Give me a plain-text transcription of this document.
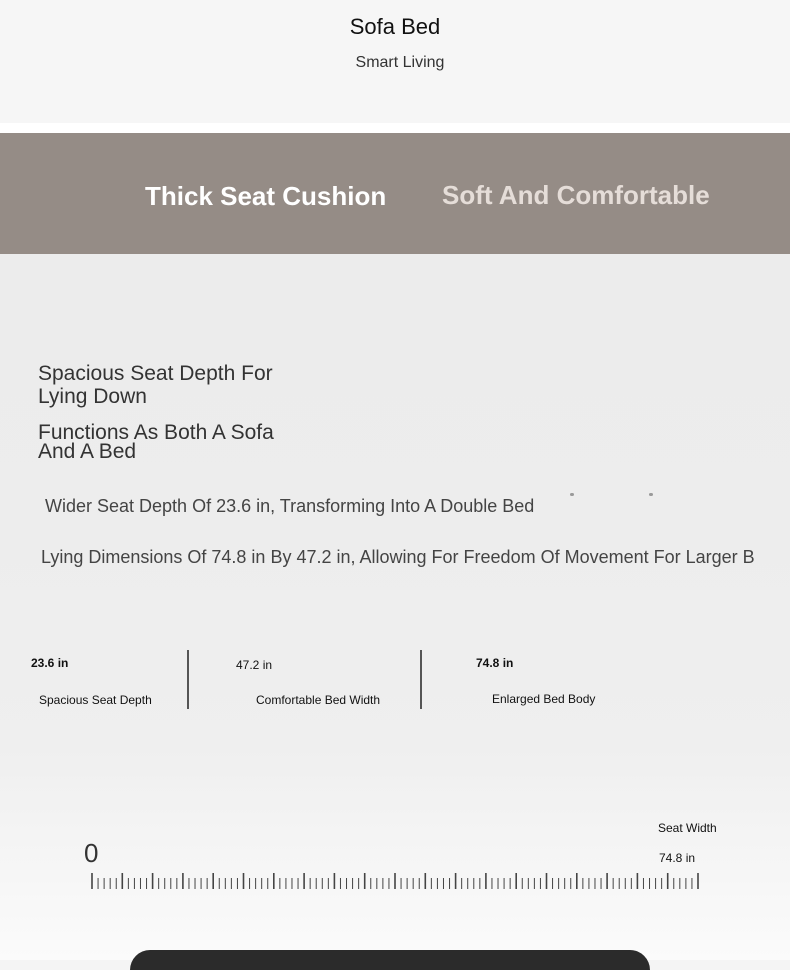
Sofa Bed
Smart Living
Thick Seat Cushion Soft And Comfortable
Spacious Seat Depth For
Lying Down
Functions As Both A Sofa
And A Bed
Wider Seat Depth Of 23.6 in, Transforming Into A Double Bed
Lying Dimensions Of 74.8 in By 47.2 in, Allowing For Freedom Of Movement For Larger B
23.6 in
Spacious Seat Depth
47.2 in
Comfortable Bed Width
74.8 in
Enlarged Bed Body
0
Seat Width
74.8 in
